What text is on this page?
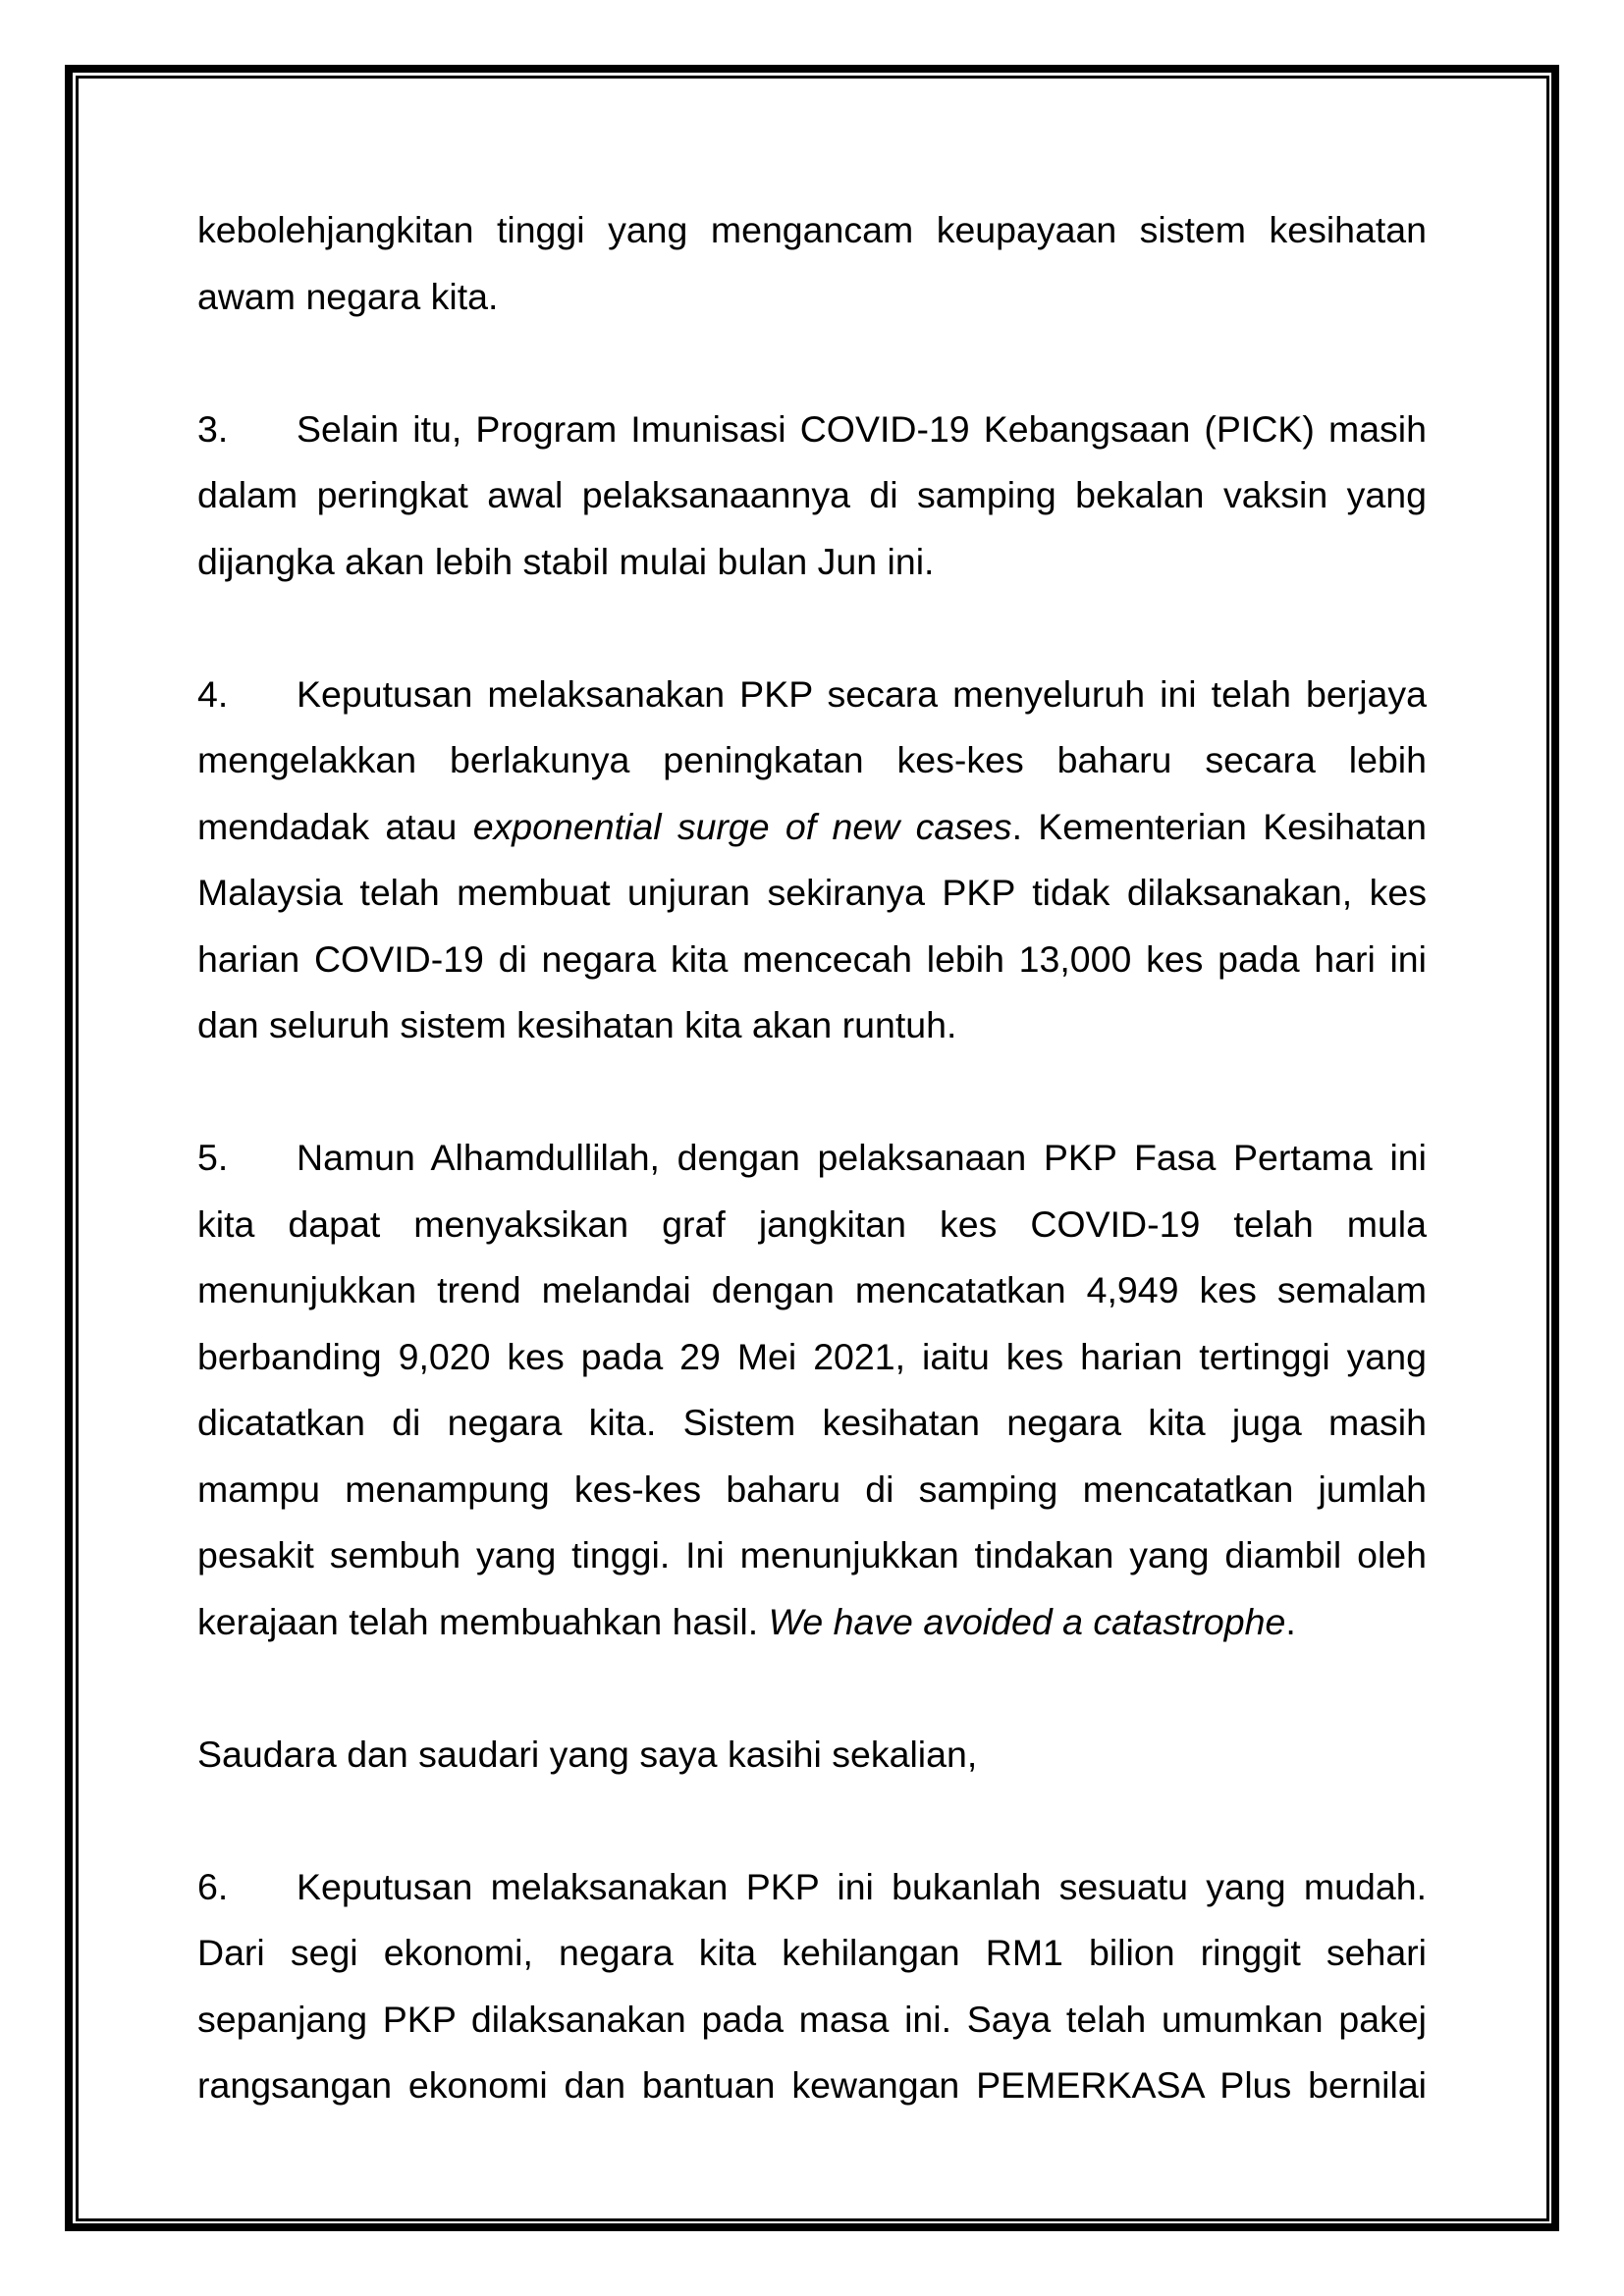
kebolehjangkitan tinggi yang mengancam keupayaan sistem kesihatan
awam negara kita.
3.	Selain itu, Program Imunisasi COVID-19 Kebangsaan (PICK) masih
dalam peringkat awal pelaksanaannya di samping bekalan vaksin yang
dijangka akan lebih stabil mulai bulan Jun ini.
4.	Keputusan melaksanakan PKP secara menyeluruh ini telah berjaya
mengelakkan berlakunya peningkatan kes-kes baharu secara lebih
mendadak atau exponential surge of new cases. Kementerian Kesihatan
Malaysia telah membuat unjuran sekiranya PKP tidak dilaksanakan, kes
harian COVID-19 di negara kita mencecah lebih 13,000 kes pada hari ini
dan seluruh sistem kesihatan kita akan runtuh.
5.	Namun Alhamdullilah, dengan pelaksanaan PKP Fasa Pertama ini
kita dapat menyaksikan graf jangkitan kes COVID-19 telah mula
menunjukkan trend melandai dengan mencatatkan 4,949 kes semalam
berbanding 9,020 kes pada 29 Mei 2021, iaitu kes harian tertinggi yang
dicatatkan di negara kita. Sistem kesihatan negara kita juga masih
mampu menampung kes-kes baharu di samping mencatatkan jumlah
pesakit sembuh yang tinggi. Ini menunjukkan tindakan yang diambil oleh
kerajaan telah membuahkan hasil. We have avoided a catastrophe.
Saudara dan saudari yang saya kasihi sekalian,
6.	Keputusan melaksanakan PKP ini bukanlah sesuatu yang mudah.
Dari segi ekonomi, negara kita kehilangan RM1 bilion ringgit sehari
sepanjang PKP dilaksanakan pada masa ini. Saya telah umumkan pakej
rangsangan ekonomi dan bantuan kewangan PEMERKASA Plus bernilai
